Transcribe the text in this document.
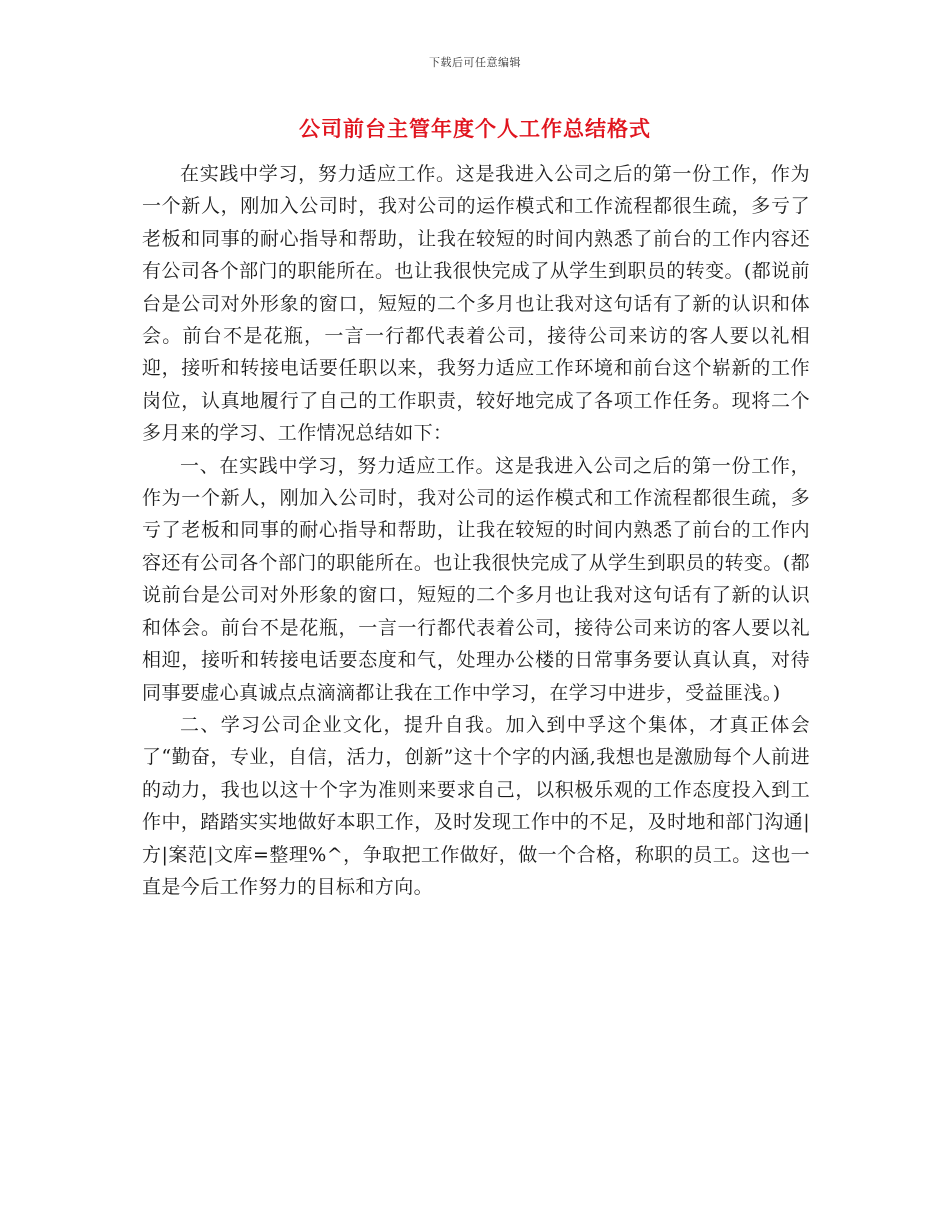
下载后可任意编辑
公司前台主管年度个人工作总结格式

在实践中学习，努力适应工作。这是我进入公司之后的第一份工作，作为一个新人，刚加入公司时，我对公司的运作模式和工作流程都很生疏，多亏了老板和同事的耐心指导和帮助，让我在较短的时间内熟悉了前台的工作内容还有公司各个部门的职能所在。也让我很快完成了从学生到职员的转变。(都说前台是公司对外形象的窗口，短短的二个多月也让我对这句话有了新的认识和体会。前台不是花瓶，一言一行都代表着公司，接待公司来访的客人要以礼相迎，接听和转接电话要任职以来，我努力适应工作环境和前台这个崭新的工作岗位，认真地履行了自己的工作职责，较好地完成了各项工作任务。现将二个多月来的学习、工作情况总结如下：

一、在实践中学习，努力适应工作。这是我进入公司之后的第一份工作，作为一个新人，刚加入公司时，我对公司的运作模式和工作流程都很生疏，多亏了老板和同事的耐心指导和帮助，让我在较短的时间内熟悉了前台的工作内容还有公司各个部门的职能所在。也让我很快完成了从学生到职员的转变。(都说前台是公司对外形象的窗口，短短的二个多月也让我对这句话有了新的认识和体会。前台不是花瓶，一言一行都代表着公司，接待公司来访的客人要以礼相迎，接听和转接电话要态度和气，处理办公楼的日常事务要认真认真，对待同事要虚心真诚点点滴滴都让我在工作中学习，在学习中进步，受益匪浅。)

二、学习公司企业文化，提升自我。加入到中孚这个集体，才真正体会了“勤奋，专业，自信，活力，创新”这十个字的内涵,我想也是激励每个人前进的动力，我也以这十个字为准则来要求自己，以积极乐观的工作态度投入到工作中，踏踏实实地做好本职工作，及时发现工作中的不足，及时地和部门沟通|方|案范|文库=整理%^，争取把工作做好，做一个合格，称职的员工。这也一直是今后工作努力的目标和方向。
